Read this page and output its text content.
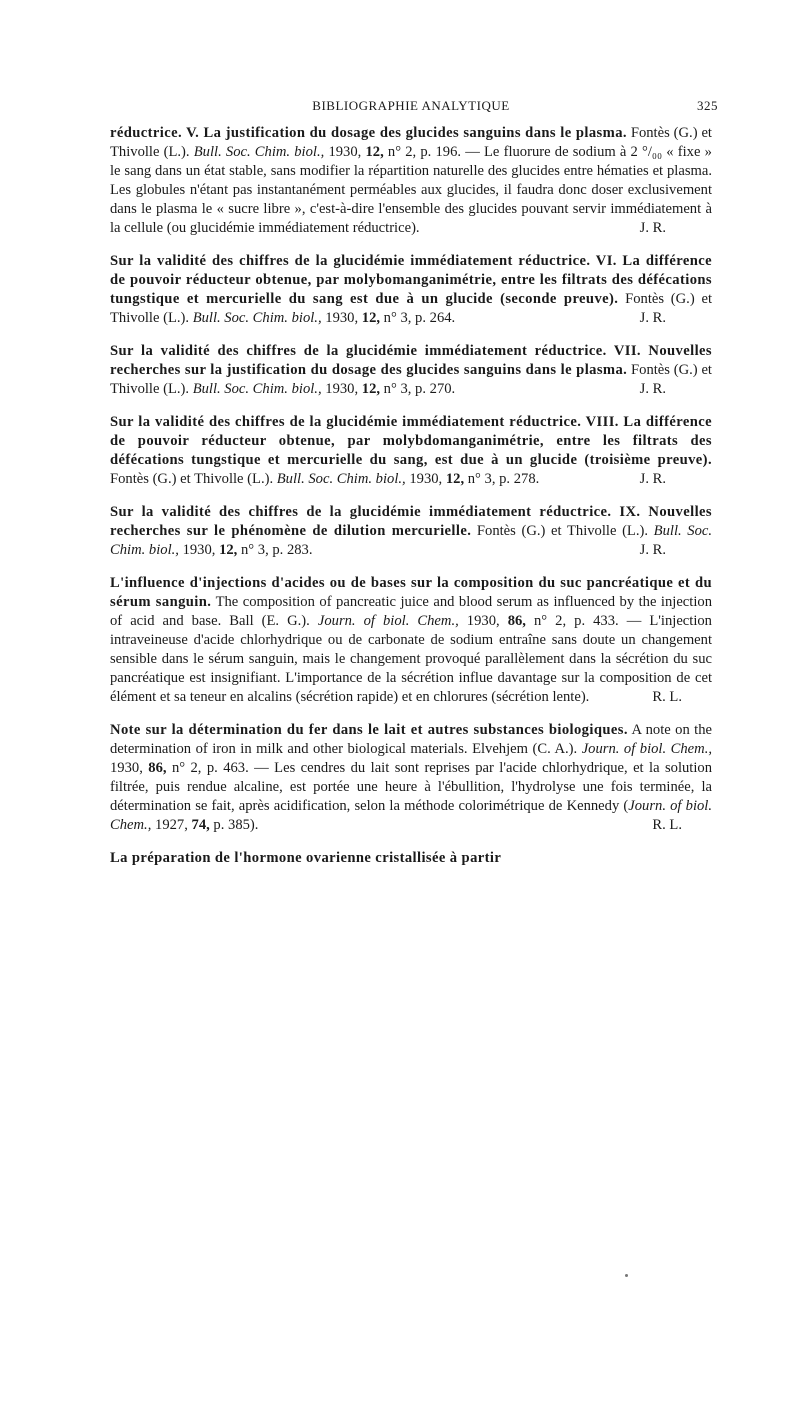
BIBLIOGRAPHIE ANALYTIQUE	325

réductrice. V. La justification du dosage des glucides sanguins dans le plasma. Fontès (G.) et Thivolle (L.). Bull. Soc. Chim. biol., 1930, 12, n° 2, p. 196. — Le fluorure de sodium à 2 °/₀₀ « fixe » le sang dans un état stable, sans modifier la répartition naturelle des glucides entre hématies et plasma. Les globules n'étant pas instantanément perméables aux glucides, il faudra donc doser exclusivement dans le plasma le « sucre libre », c'est-à-dire l'ensemble des glucides pouvant servir immédiatement à la cellule (ou glucidémie immédiatement réductrice).	J. R.

Sur la validité des chiffres de la glucidémie immédiatement réductrice. VI. La différence de pouvoir réducteur obtenue, par molybomanganimétrie, entre les filtrats des défécations tungstique et mercurielle du sang est due à un glucide (seconde preuve). Fontès (G.) et Thivolle (L.). Bull. Soc. Chim. biol., 1930, 12, n° 3, p. 264.	J. R.

Sur la validité des chiffres de la glucidémie immédiatement réductrice. VII. Nouvelles recherches sur la justification du dosage des glucides sanguins dans le plasma. Fontès (G.) et Thivolle (L.). Bull. Soc. Chim. biol., 1930, 12, n° 3, p. 270.	J. R.

Sur la validité des chiffres de la glucidémie immédiatement réductrice. VIII. La différence de pouvoir réducteur obtenue, par molybdomanganimétrie, entre les filtrats des défécations tungstique et mercurielle du sang, est due à un glucide (troisième preuve). Fontès (G.) et Thivolle (L.). Bull. Soc. Chim. biol., 1930, 12, n° 3, p. 278.	J. R.

Sur la validité des chiffres de la glucidémie immédiatement réductrice. IX. Nouvelles recherches sur le phénomène de dilution mercurielle. Fontès (G.) et Thivolle (L.). Bull. Soc. Chim. biol., 1930, 12, n° 3, p. 283.	J. R.

L'influence d'injections d'acides ou de bases sur la composition du suc pancréatique et du sérum sanguin. The composition of pancreatic juice and blood serum as influenced by the injection of acid and base. Ball (E. G.). Journ. of biol. Chem., 1930, 86, n° 2, p. 433. — L'injection intraveineuse d'acide chlorhydrique ou de carbonate de sodium entraîne sans doute un changement sensible dans le sérum sanguin, mais le changement provoqué parallèlement dans la sécrétion du suc pancréatique est insignifiant. L'importance de la sécrétion influe davantage sur la composition de cet élément et sa teneur en alcalins (sécrétion rapide) et en chlorures (sécrétion lente).	R. L.

Note sur la détermination du fer dans le lait et autres substances biologiques. A note on the determination of iron in milk and other biological materials. Elvehjem (C. A.). Journ. of biol. Chem., 1930, 86, n° 2, p. 463. — Les cendres du lait sont reprises par l'acide chlorhydrique, et la solution filtrée, puis rendue alcaline, est portée une heure à l'ébullition, l'hydrolyse une fois terminée, la détermination se fait, après acidification, selon la méthode colorimétrique de Kennedy (Journ. of biol. Chem., 1927, 74, p. 385).	R. L.

La préparation de l'hormone ovarienne cristallisée à partir
